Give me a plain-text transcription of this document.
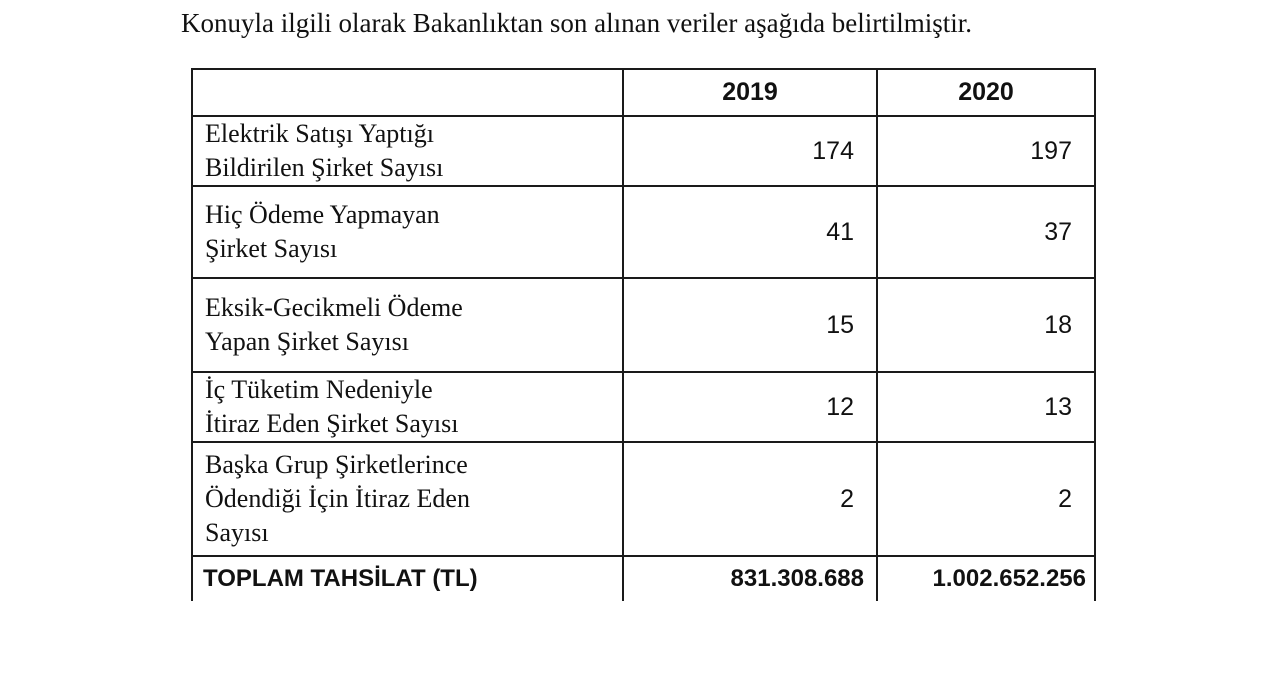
Konuyla ilgili olarak Bakanlıktan son alınan veriler aşağıda belirtilmiştir.
	2019	2020
Elektrik Satışı Yaptığı
Bildirilen Şirket Sayısı	174	197
Hiç Ödeme Yapmayan
Şirket Sayısı	41	37
Eksik-Gecikmeli Ödeme
Yapan Şirket Sayısı	15	18
İç Tüketim Nedeniyle
İtiraz Eden Şirket Sayısı	12	13
Başka Grup Şirketlerince
Ödendiği İçin İtiraz Eden
Sayısı	2	2
TOPLAM TAHSİLAT (TL)	831.308.688	1.002.652.256
